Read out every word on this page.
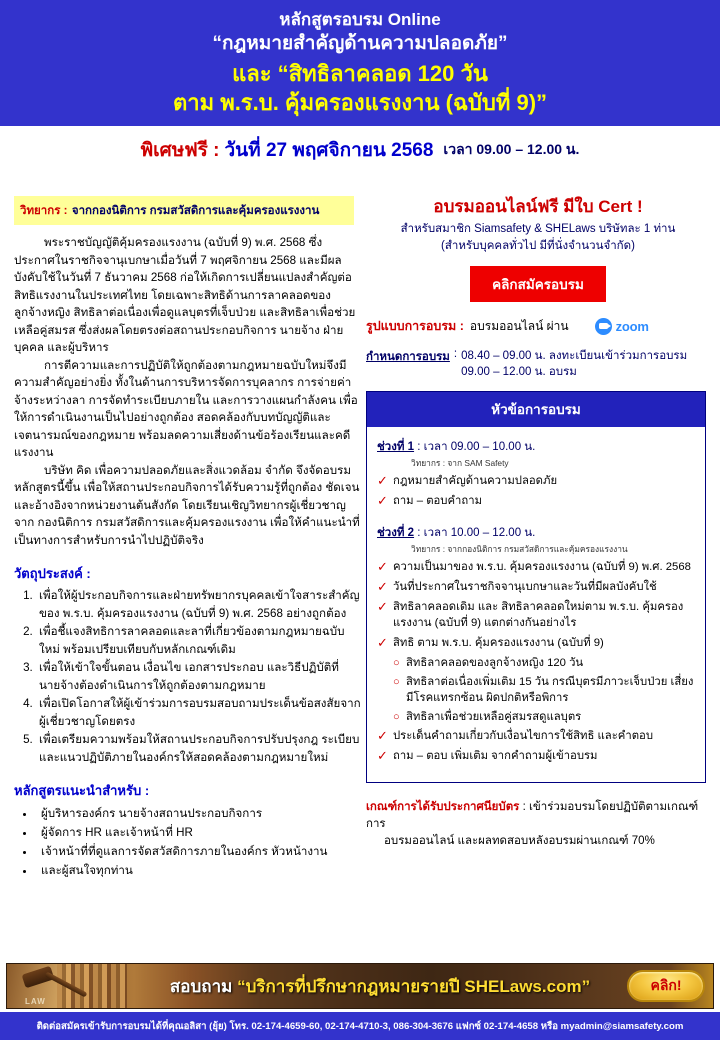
หลักสูตรอบรม Online
“กฎหมายสำคัญด้านความปลอดภัย”
และ “สิทธิลาคลอด 120 วัน
ตาม พ.ร.บ. คุ้มครองแรงงาน (ฉบับที่ 9)”
พิเศษฟรี : วันที่ 27 พฤศจิกายน 2568 เวลา 09.00 – 12.00 น.
วิทยากร : จากกองนิติการ กรมสวัสดิการและคุ้มครองแรงงาน
พระราชบัญญัติคุ้มครองแรงงาน (ฉบับที่ 9) พ.ศ. 2568 ซึ่งประกาศในราชกิจจานุเบกษาเมื่อวันที่ 7 พฤศจิกายน 2568 และมีผลบังคับใช้ในวันที่ 7 ธันวาคม 2568 ก่อให้เกิดการเปลี่ยนแปลงสำคัญต่อสิทธิแรงงานในประเทศไทย โดยเฉพาะสิทธิด้านการลาคลอดของลูกจ้างหญิง สิทธิลาต่อเนื่องเพื่อดูแลบุตรที่เจ็บป่วย และสิทธิลาเพื่อช่วยเหลือคู่สมรส ซึ่งส่งผลโดยตรงต่อสถานประกอบกิจการ นายจ้าง ฝ่ายบุคคล และผู้บริหาร
การตีความและการปฏิบัติให้ถูกต้องตามกฎหมายฉบับใหม่จึงมีความสำคัญอย่างยิ่ง ทั้งในด้านการบริหารจัดการบุคลากร การจ่ายค่าจ้างระหว่างลา การจัดทำระเบียบภายใน และการวางแผนกำลังคน เพื่อให้การดำเนินงานเป็นไปอย่างถูกต้อง สอดคล้องกับบทบัญญัติและเจตนารมณ์ของกฎหมาย พร้อมลดความเสี่ยงด้านข้อร้องเรียนและคดีแรงงาน
บริษัท คิด เพื่อความปลอดภัยและสิ่งแวดล้อม จำกัด จึงจัดอบรมหลักสูตรนี้ขึ้น เพื่อให้สถานประกอบกิจการได้รับความรู้ที่ถูกต้อง ชัดเจน และอ้างอิงจากหน่วยงานต้นสังกัด โดยเรียนเชิญวิทยากรผู้เชี่ยวชาญจาก กองนิติการ กรมสวัสดิการและคุ้มครองแรงงาน เพื่อให้คำแนะนำที่เป็นทางการสำหรับการนำไปปฏิบัติจริง
วัตถุประสงค์ :
1. เพื่อให้ผู้ประกอบกิจการและฝ่ายทรัพยากรบุคคลเข้าใจสาระสำคัญของ พ.ร.บ. คุ้มครองแรงงาน (ฉบับที่ 9) พ.ศ. 2568 อย่างถูกต้อง
2. เพื่อชี้แจงสิทธิการลาคลอดและลาที่เกี่ยวข้องตามกฎหมายฉบับใหม่ พร้อมเปรียบเทียบกับหลักเกณฑ์เดิม
3. เพื่อให้เข้าใจขั้นตอน เงื่อนไข เอกสารประกอบ และวิธีปฏิบัติที่นายจ้างต้องดำเนินการให้ถูกต้องตามกฎหมาย
4. เพื่อเปิดโอกาสให้ผู้เข้าร่วมการอบรมสอบถามประเด็นข้อสงสัยจากผู้เชี่ยวชาญโดยตรง
5. เพื่อเตรียมความพร้อมให้สถานประกอบกิจการปรับปรุงกฎ ระเบียบ และแนวปฏิบัติภายในองค์กรให้สอดคล้องตามกฎหมายใหม่
หลักสูตรแนะนำสำหรับ :
• ผู้บริหารองค์กร นายจ้างสถานประกอบกิจการ
• ผู้จัดการ HR และเจ้าหน้าที่ HR
• เจ้าหน้าที่ที่ดูแลการจัดสวัสดิการภายในองค์กร หัวหน้างาน
• และผู้สนใจทุกท่าน
อบรมออนไลน์ฟรี มีใบ Cert !
สำหรับสมาชิก Siamsafety & SHELaws บริษัทละ 1 ท่าน
(สำหรับบุคคลทั่วไป มีที่นั่งจำนวนจำกัด)
คลิกสมัครอบรม
รูปแบบการอบรม : อบรมออนไลน์ ผ่าน	zoom
กำหนดการอบรม : 08.40 – 09.00 น. ลงทะเบียนเข้าร่วมการอบรม
09.00 – 12.00 น. อบรม
หัวข้อการอบรม
ช่วงที่ 1 : เวลา 09.00 – 10.00 น.
วิทยากร : จาก SAM Safety
✓ กฎหมายสำคัญด้านความปลอดภัย
✓ ถาม – ตอบคำถาม
ช่วงที่ 2 : เวลา 10.00 – 12.00 น.
วิทยากร : จากกองนิติการ กรมสวัสดิการและคุ้มครองแรงงาน
✓ ความเป็นมาของ พ.ร.บ. คุ้มครองแรงงาน (ฉบับที่ 9) พ.ศ. 2568
✓ วันที่ประกาศในราชกิจจานุเบกษาและวันที่มีผลบังคับใช้
✓ สิทธิลาคลอดเดิม และ สิทธิลาคลอดใหม่ตาม พ.ร.บ. คุ้มครองแรงงาน (ฉบับที่ 9) แตกต่างกันอย่างไร
✓ สิทธิ ตาม พ.ร.บ. คุ้มครองแรงงาน (ฉบับที่ 9)
○ สิทธิลาคลอดของลูกจ้างหญิง 120 วัน
○ สิทธิลาต่อเนื่องเพิ่มเติม 15 วัน กรณีบุตรมีภาวะเจ็บป่วย เสี่ยงมีโรคแทรกซ้อน ผิดปกติหรือพิการ
○ สิทธิลาเพื่อช่วยเหลือคู่สมรสดูแลบุตร
✓ ประเด็นคำถามเกี่ยวกับเงื่อนไขการใช้สิทธิ และคำตอบ
✓ ถาม – ตอบ เพิ่มเติม จากคำถามผู้เข้าอบรม
เกณฑ์การได้รับประกาศนียบัตร : เข้าร่วมอบรมโดยปฏิบัติตามเกณฑ์การ
อบรมออนไลน์ และผลทดสอบหลังอบรมผ่านเกณฑ์ 70%
LAW
สอบถาม “บริการที่ปรึกษากฎหมายรายปี SHELaws.com”	คลิก!
ติดต่อสมัครเข้ารับการอบรมได้ที่คุณอลิสา (ยุ้ย) โทร. 02-174-4659-60, 02-174-4710-3, 086-304-3676 แฟกซ์ 02-174-4658 หรือ myadmin@siamsafety.com
